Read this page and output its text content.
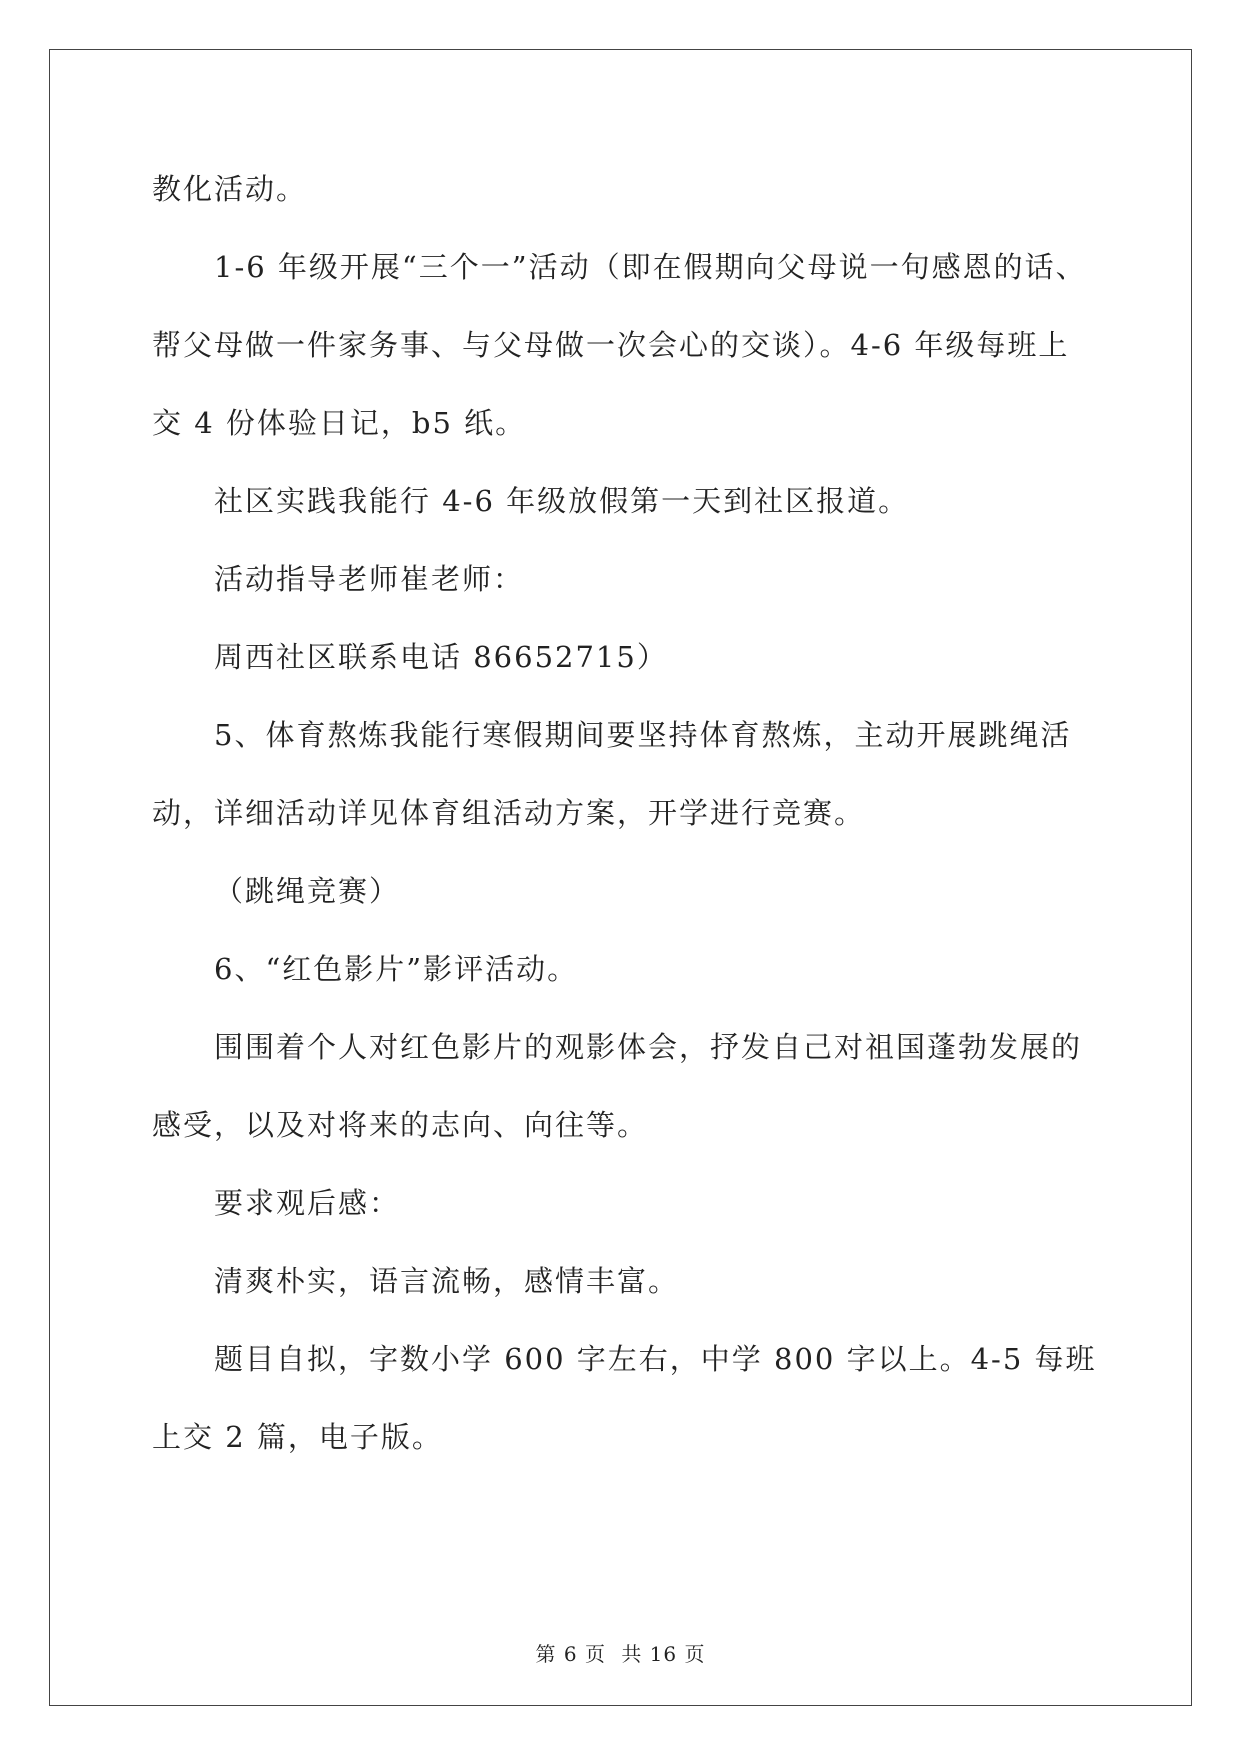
教化活动。

1-6 年级开展“三个一”活动（即在假期向父母说一句感恩的话、帮父母做一件家务事、与父母做一次会心的交谈）。4-6 年级每班上交 4 份体验日记，b5 纸。

社区实践我能行 4-6 年级放假第一天到社区报道。

活动指导老师崔老师：

周西社区联系电话 86652715）

5、体育熬炼我能行寒假期间要坚持体育熬炼，主动开展跳绳活动，详细活动详见体育组活动方案，开学进行竞赛。

（跳绳竞赛）

6、“红色影片”影评活动。

围围着个人对红色影片的观影体会，抒发自己对祖国蓬勃发展的感受，以及对将来的志向、向往等。

要求观后感：

清爽朴实，语言流畅，感情丰富。

题目自拟，字数小学 600 字左右，中学 800 字以上。4-5 每班上交 2 篇，电子版。

第 6 页 共 16 页
